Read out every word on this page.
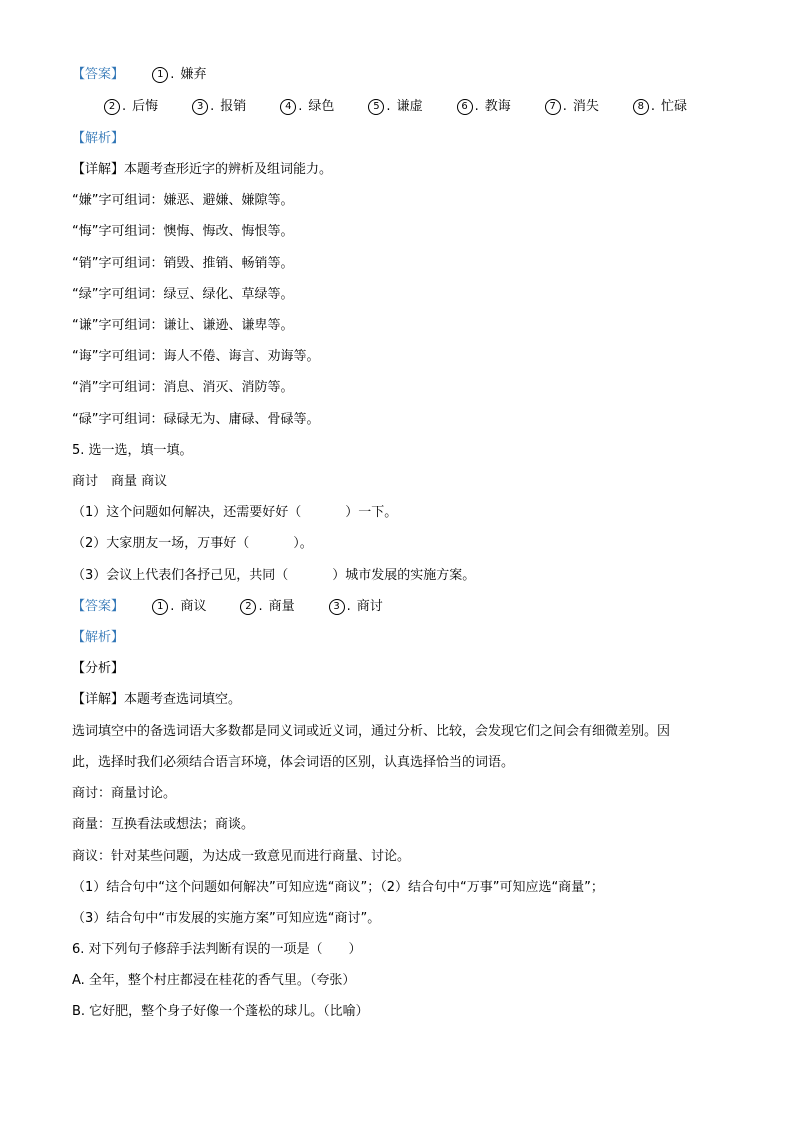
【答案】	1 . 嫌弃
2 . 后悔	3 . 报销	4 . 绿色	5 . 谦虚	6 . 教诲	7 . 消失	8 . 忙碌
【解析】
【详解】本题考查形近字的辨析及组词能力。
“嫌”字可组词：嫌恶、避嫌、嫌隙等。
“悔”字可组词：懊悔、悔改、悔恨等。
“销”字可组词：销毁、推销、畅销等。
“绿”字可组词：绿豆、绿化、草绿等。
“谦”字可组词：谦让、谦逊、谦卑等。
“诲”字可组词：诲人不倦、诲言、劝诲等。
“消”字可组词：消息、消灭、消防等。
“碌”字可组词：碌碌无为、庸碌、骨碌等。
5. 选一选，填一填。
商讨　商量 商议
（1）这个问题如何解决，还需要好好（	）一下。
（2）大家朋友一场，万事好（	）。
（3）会议上代表们各抒己见，共同（	）城市发展的实施方案。
【答案】	1 . 商议	2 . 商量	3 . 商讨
【解析】
【分析】
【详解】本题考查选词填空。
选词填空中的备选词语大多数都是同义词或近义词，通过分析、比较，会发现它们之间会有细微差别。因
此，选择时我们必须结合语言环境，体会词语的区别，认真选择恰当的词语。
商讨：商量讨论。
商量：互换看法或想法；商谈。
商议：针对某些问题，为达成一致意见而进行商量、讨论。
（1）结合句中“这个问题如何解决”可知应选“商议”；（2）结合句中“万事”可知应选“商量”；
（3）结合句中“市发展的实施方案”可知应选“商讨”。
6. 对下列句子修辞手法判断有误的一项是（　　）
A. 全年，整个村庄都浸在桂花的香气里。（夸张）
B. 它好肥，整个身子好像一个蓬松的球儿。（比喻）
